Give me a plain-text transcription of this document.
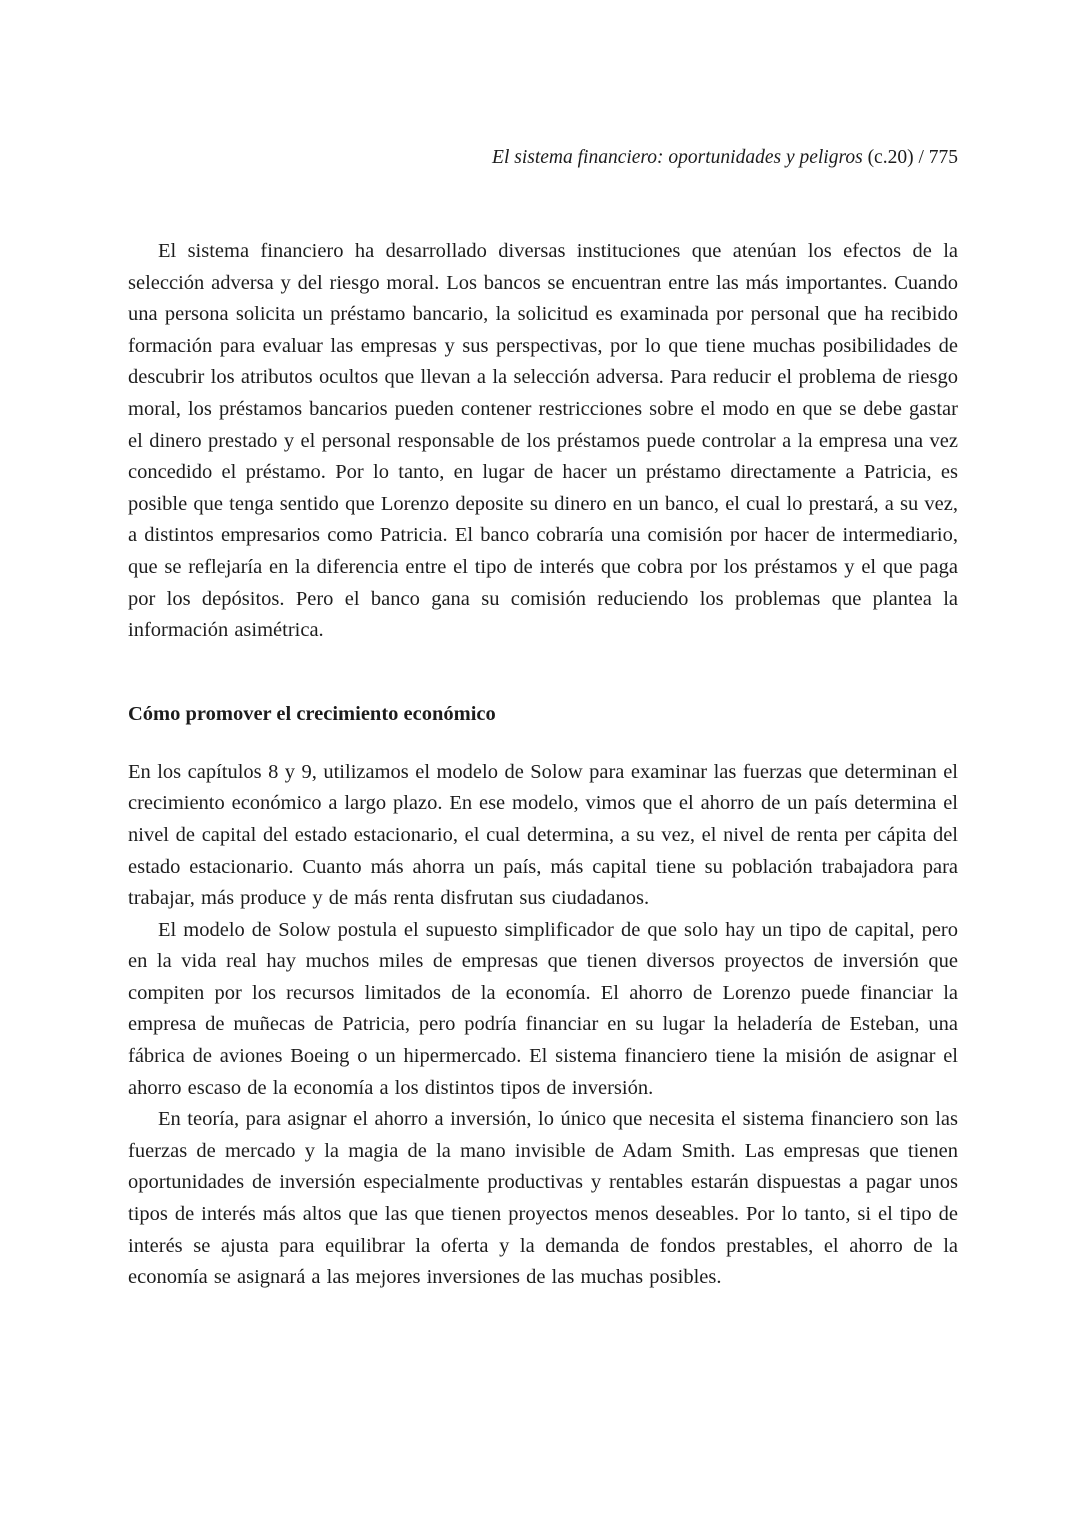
El sistema financiero: oportunidades y peligros (c.20) / 775

El sistema financiero ha desarrollado diversas instituciones que atenúan los efectos de la selección adversa y del riesgo moral. Los bancos se encuentran entre las más importantes. Cuando una persona solicita un préstamo bancario, la solicitud es examinada por personal que ha recibido formación para evaluar las empresas y sus perspectivas, por lo que tiene muchas posibilidades de descubrir los atributos ocultos que llevan a la selección adversa. Para reducir el problema de riesgo moral, los préstamos bancarios pueden contener restricciones sobre el modo en que se debe gastar el dinero prestado y el personal responsable de los préstamos puede controlar a la empresa una vez concedido el préstamo. Por lo tanto, en lugar de hacer un préstamo directamente a Patricia, es posible que tenga sentido que Lorenzo deposite su dinero en un banco, el cual lo prestará, a su vez, a distintos empresarios como Patricia. El banco cobraría una comisión por hacer de intermediario, que se reflejaría en la diferencia entre el tipo de interés que cobra por los préstamos y el que paga por los depósitos. Pero el banco gana su comisión reduciendo los problemas que plantea la información asimétrica.

Cómo promover el crecimiento económico

En los capítulos 8 y 9, utilizamos el modelo de Solow para examinar las fuerzas que determinan el crecimiento económico a largo plazo. En ese modelo, vimos que el ahorro de un país determina el nivel de capital del estado estacionario, el cual determina, a su vez, el nivel de renta per cápita del estado estacionario. Cuanto más ahorra un país, más capital tiene su población trabajadora para trabajar, más produce y de más renta disfrutan sus ciudadanos.

El modelo de Solow postula el supuesto simplificador de que solo hay un tipo de capital, pero en la vida real hay muchos miles de empresas que tienen diversos proyectos de inversión que compiten por los recursos limitados de la economía. El ahorro de Lorenzo puede financiar la empresa de muñecas de Patricia, pero podría financiar en su lugar la heladería de Esteban, una fábrica de aviones Boeing o un hipermercado. El sistema financiero tiene la misión de asignar el ahorro escaso de la economía a los distintos tipos de inversión.

En teoría, para asignar el ahorro a inversión, lo único que necesita el sistema financiero son las fuerzas de mercado y la magia de la mano invisible de Adam Smith. Las empresas que tienen oportunidades de inversión especialmente productivas y rentables estarán dispuestas a pagar unos tipos de interés más altos que las que tienen proyectos menos deseables. Por lo tanto, si el tipo de interés se ajusta para equilibrar la oferta y la demanda de fondos prestables, el ahorro de la economía se asignará a las mejores inversiones de las muchas posibles.
